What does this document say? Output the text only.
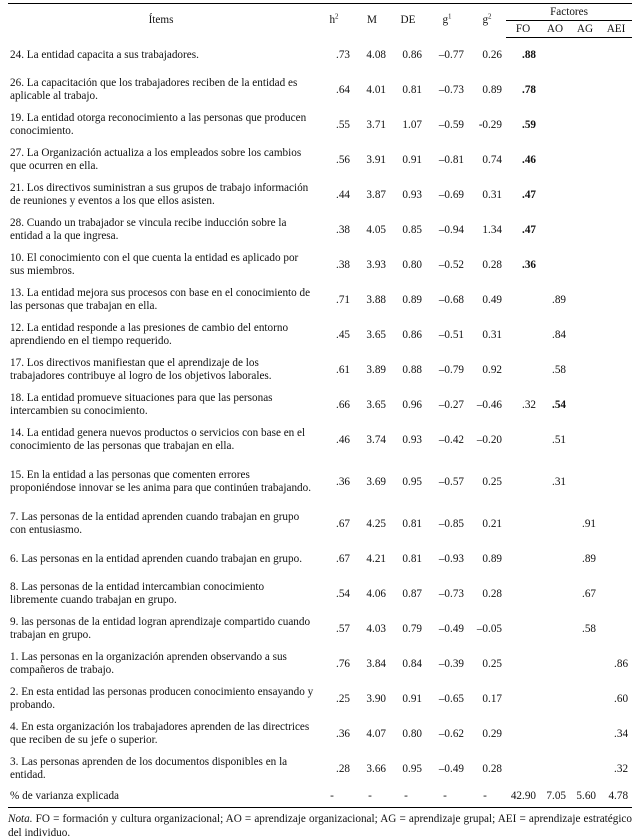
Ítems	$h^2$	M	DE	$g^1$	$g^2$	Factores			
						FO	AO	AG	AEI
24. La entidad capacita a sus trabajadores.	.73	4.08	0.86	–0.77	0.26	.88			
26. La capacitación que los trabajadores reciben de la entidad es aplicable al trabajo.	.64	4.01	0.81	–0.73	0.89	.78			
19. La entidad otorga reconocimiento a las personas que producen conocimiento.	.55	3.71	1.07	–0.59	-0.29	.59			
27. La Organización actualiza a los empleados sobre los cambios que ocurren en ella.	.56	3.91	0.91	–0.81	0.74	.46			
21. Los directivos suministran a sus grupos de trabajo información de reuniones y eventos a los que ellos asisten.	.44	3.87	0.93	–0.69	0.31	.47			
28. Cuando un trabajador se vincula recibe inducción sobre la entidad a la que ingresa.	.38	4.05	0.85	–0.94	1.34	.47			
10. El conocimiento con el que cuenta la entidad es aplicado por sus miembros.	.38	3.93	0.80	–0.52	0.28	.36			
13. La entidad mejora sus procesos con base en el conocimiento de las personas que trabajan en ella.	.71	3.88	0.89	–0.68	0.49		.89		
12. La entidad responde a las presiones de cambio del entorno aprendiendo en el tiempo requerido.	.45	3.65	0.86	–0.51	0.31		.84		
17. Los directivos manifiestan que el aprendizaje de los trabajadores contribuye al logro de los objetivos laborales.	.61	3.89	0.88	–0.79	0.92		.58		
18. La entidad promueve situaciones para que las personas intercambien su conocimiento.	.66	3.65	0.96	–0.27	–0.46	.32	.54		
14. La entidad genera nuevos productos o servicios con base en el conocimiento de las personas que trabajan en ella.	.46	3.74	0.93	–0.42	–0.20		.51		
15. En la entidad a las personas que comenten errores proponiéndose innovar se les anima para que continúen trabajando.	.36	3.69	0.95	–0.57	0.25		.31		
7. Las personas de la entidad aprenden cuando trabajan en grupo con entusiasmo.	.67	4.25	0.81	–0.85	0.21			.91	
6. Las personas en la entidad aprenden cuando trabajan en grupo.	.67	4.21	0.81	–0.93	0.89			.89	
8. Las personas de la entidad intercambian conocimiento libremente cuando trabajan en grupo.	.54	4.06	0.87	–0.73	0.28			.67	
9. las personas de la entidad logran aprendizaje compartido cuando trabajan en grupo.	.57	4.03	0.79	–0.49	–0.05			.58	
1. Las personas en la organización aprenden observando a sus compañeros de trabajo.	.76	3.84	0.84	–0.39	0.25				.86
2. En esta entidad las personas producen conocimiento ensayando y probando.	.25	3.90	0.91	–0.65	0.17				.60
4. En esta organización los trabajadores aprenden de las directrices que reciben de su jefe o superior.	.36	4.07	0.80	–0.62	0.29				.34
3. Las personas aprenden de los documentos disponibles en la entidad.	.28	3.66	0.95	–0.49	0.28				.32
% de varianza explicada	-	-	-	-	-	42.90	7.05	5.60	4.78
Nota. FO = formación y cultura organizacional; AO = aprendizaje organizacional; AG = aprendizaje grupal; AEI = aprendizaje estratégico del individuo.
